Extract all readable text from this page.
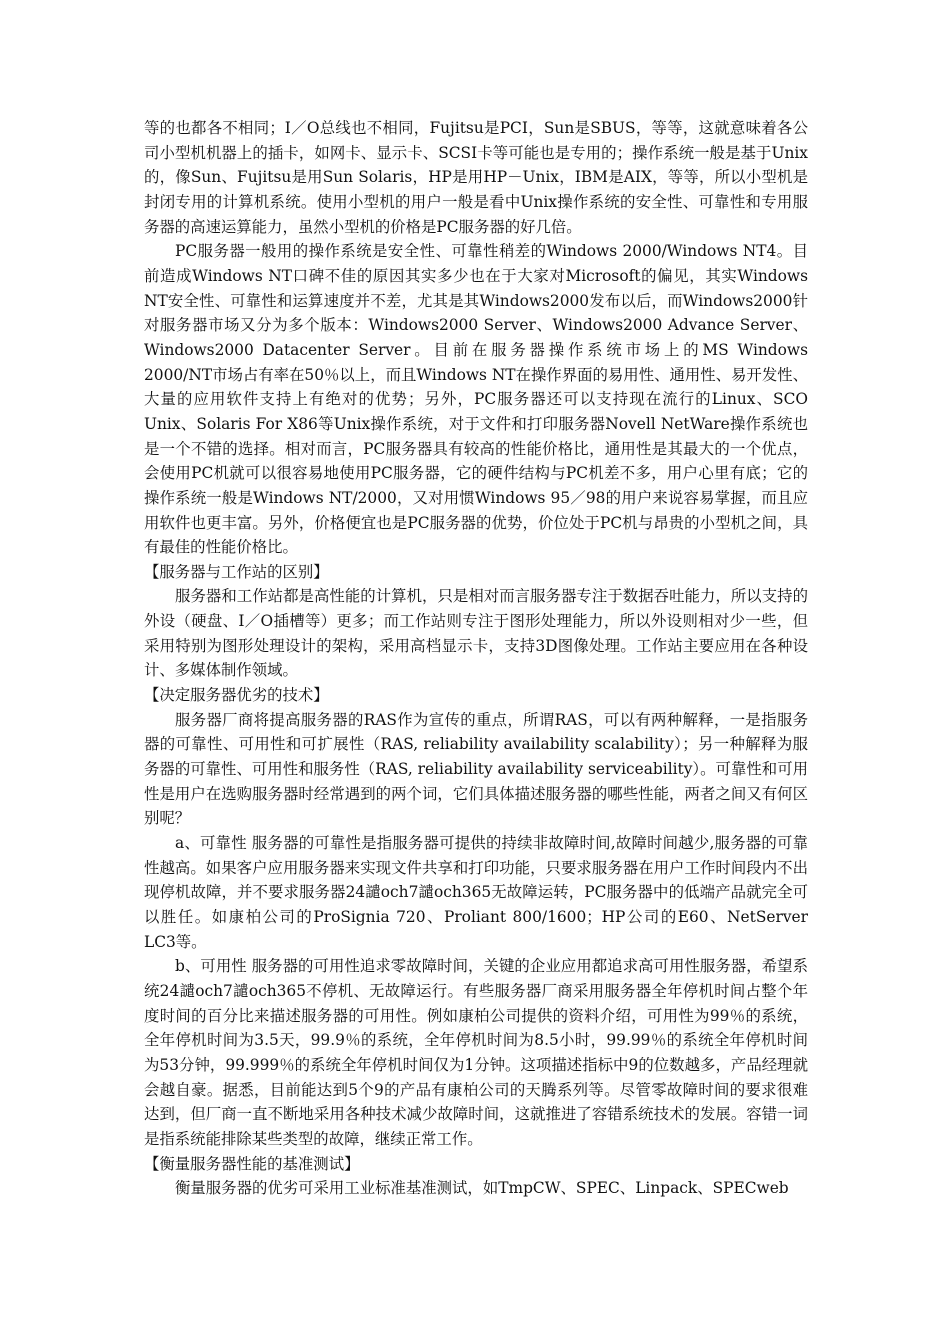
等的也都各不相同；I／O总线也不相同，Fujitsu是PCI，Sun是SBUS，等等，这就意味着各公司小型机机器上的插卡，如网卡、显示卡、SCSI卡等可能也是专用的；操作系统一般是基于Unix的，像Sun、Fujitsu是用Sun Solaris，HP是用HP－Unix，IBM是AIX，等等，所以小型机是封闭专用的计算机系统。使用小型机的用户一般是看中Unix操作系统的安全性、可靠性和专用服务器的高速运算能力，虽然小型机的价格是PC服务器的好几倍。

PC服务器一般用的操作系统是安全性、可靠性稍差的Windows 2000/Windows NT4。目前造成Windows NT口碑不佳的原因其实多少也在于大家对Microsoft的偏见，其实Windows NT安全性、可靠性和运算速度并不差，尤其是其Windows2000发布以后，而Windows2000针对服务器市场又分为多个版本：Windows2000 Server、Windows2000 Advance Server、Windows2000 Datacenter Server。目前在服务器操作系统市场上的MS Windows 2000/NT市场占有率在50％以上，而且Windows NT在操作界面的易用性、通用性、易开发性、大量的应用软件支持上有绝对的优势；另外，PC服务器还可以支持现在流行的Linux、SCO Unix、Solaris For X86等Unix操作系统，对于文件和打印服务器Novell NetWare操作系统也是一个不错的选择。相对而言，PC服务器具有较高的性能价格比，通用性是其最大的一个优点，会使用PC机就可以很容易地使用PC服务器，它的硬件结构与PC机差不多，用户心里有底；它的操作系统一般是Windows NT/2000，又对用惯Windows 95／98的用户来说容易掌握，而且应用软件也更丰富。另外，价格便宜也是PC服务器的优势，价位处于PC机与昂贵的小型机之间，具有最佳的性能价格比。

【服务器与工作站的区别】

服务器和工作站都是高性能的计算机，只是相对而言服务器专注于数据吞吐能力，所以支持的外设（硬盘、I／O插槽等）更多；而工作站则专注于图形处理能力，所以外设则相对少一些，但采用特别为图形处理设计的架构，采用高档显示卡，支持3D图像处理。工作站主要应用在各种设计、多媒体制作领域。

【决定服务器优劣的技术】

服务器厂商将提高服务器的RAS作为宣传的重点，所谓RAS，可以有两种解释，一是指服务器的可靠性、可用性和可扩展性（RAS, reliability availability scalability）；另一种解释为服务器的可靠性、可用性和服务性（RAS, reliability availability serviceability）。可靠性和可用性是用户在选购服务器时经常遇到的两个词，它们具体描述服务器的哪些性能，两者之间又有何区别呢？

a、可靠性 服务器的可靠性是指服务器可提供的持续非故障时间,故障时间越少,服务器的可靠性越高。如果客户应用服务器来实现文件共享和打印功能，只要求服务器在用户工作时间段内不出现停机故障，并不要求服务器24譴och7譴och365无故障运转，PC服务器中的低端产品就完全可以胜任。如康柏公司的ProSignia 720、Proliant 800/1600；HP公司的E60、NetServer LC3等。

b、可用性 服务器的可用性追求零故障时间，关键的企业应用都追求高可用性服务器，希望系统24譴och7譴och365不停机、无故障运行。有些服务器厂商采用服务器全年停机时间占整个年度时间的百分比来描述服务器的可用性。例如康柏公司提供的资料介绍，可用性为99％的系统，全年停机时间为3.5天，99.9％的系统，全年停机时间为8.5小时，99.99％的系统全年停机时间为53分钟，99.999％的系统全年停机时间仅为1分钟。这项描述指标中9的位数越多，产品经理就会越自豪。据悉，目前能达到5个9的产品有康柏公司的天腾系列等。尽管零故障时间的要求很难达到，但厂商一直不断地采用各种技术减少故障时间，这就推进了容错系统技术的发展。容错一词是指系统能排除某些类型的故障，继续正常工作。

【衡量服务器性能的基准测试】

衡量服务器的优劣可采用工业标准基准测试，如TmpCW、SPEC、Linpack、SPECweb
